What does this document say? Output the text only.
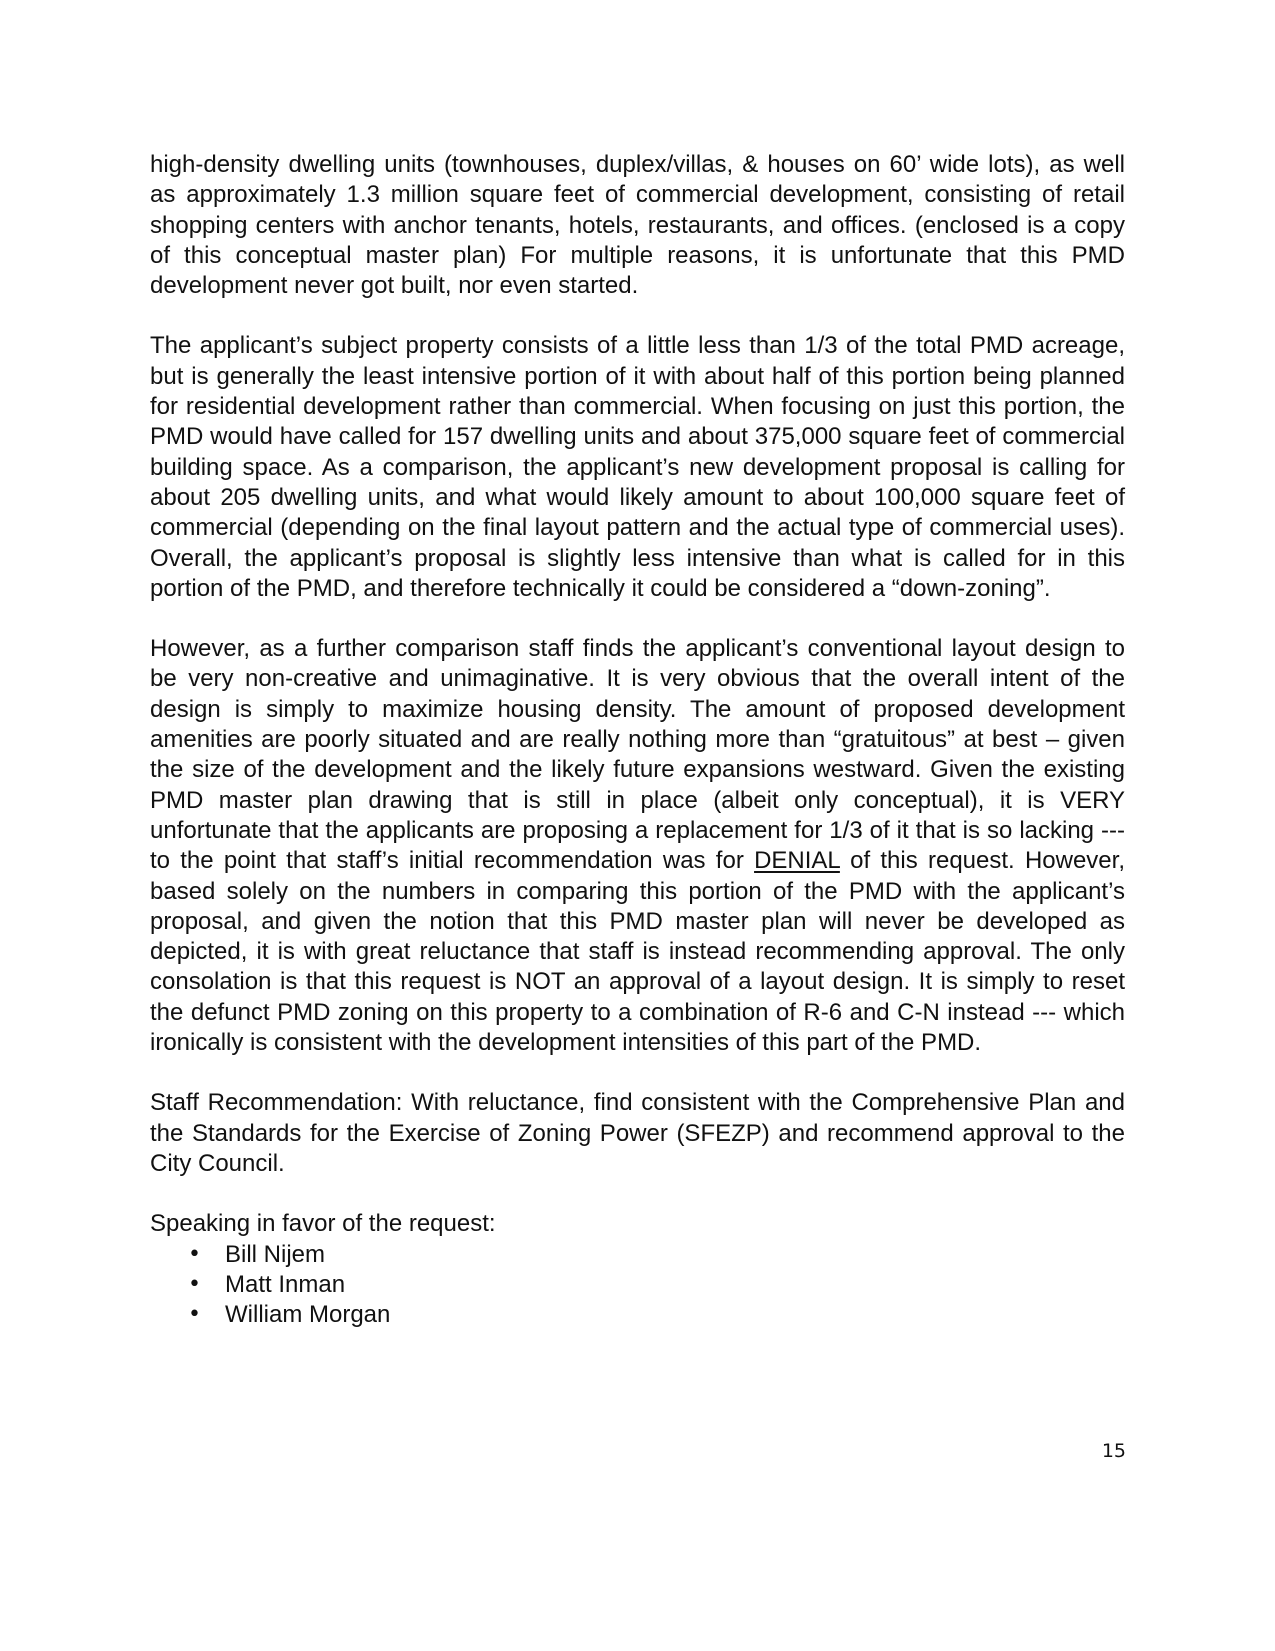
high-density dwelling units (townhouses, duplex/villas, & houses on 60’ wide lots), as well as approximately 1.3 million square feet of commercial development, consisting of retail shopping centers with anchor tenants, hotels, restaurants, and offices. (enclosed is a copy of this conceptual master plan) For multiple reasons, it is unfortunate that this PMD development never got built, nor even started.

The applicant’s subject property consists of a little less than 1/3 of the total PMD acreage, but is generally the least intensive portion of it with about half of this portion being planned for residential development rather than commercial. When focusing on just this portion, the PMD would have called for 157 dwelling units and about 375,000 square feet of commercial building space. As a comparison, the applicant’s new development proposal is calling for about 205 dwelling units, and what would likely amount to about 100,000 square feet of commercial (depending on the final layout pattern and the actual type of commercial uses). Overall, the applicant’s proposal is slightly less intensive than what is called for in this portion of the PMD, and therefore technically it could be considered a “down-zoning”.

However, as a further comparison staff finds the applicant’s conventional layout design to be very non-creative and unimaginative. It is very obvious that the overall intent of the design is simply to maximize housing density. The amount of proposed development amenities are poorly situated and are really nothing more than “gratuitous” at best – given the size of the development and the likely future expansions westward. Given the existing PMD master plan drawing that is still in place (albeit only conceptual), it is VERY unfortunate that the applicants are proposing a replacement for 1/3 of it that is so lacking --- to the point that staff’s initial recommendation was for DENIAL of this request. However, based solely on the numbers in comparing this portion of the PMD with the applicant’s proposal, and given the notion that this PMD master plan will never be developed as depicted, it is with great reluctance that staff is instead recommending approval. The only consolation is that this request is NOT an approval of a layout design. It is simply to reset the defunct PMD zoning on this property to a combination of R-6 and C-N instead --- which ironically is consistent with the development intensities of this part of the PMD.

Staff Recommendation: With reluctance, find consistent with the Comprehensive Plan and the Standards for the Exercise of Zoning Power (SFEZP) and recommend approval to the City Council.

Speaking in favor of the request:

• Bill Nijem
• Matt Inman
• William Morgan
15
